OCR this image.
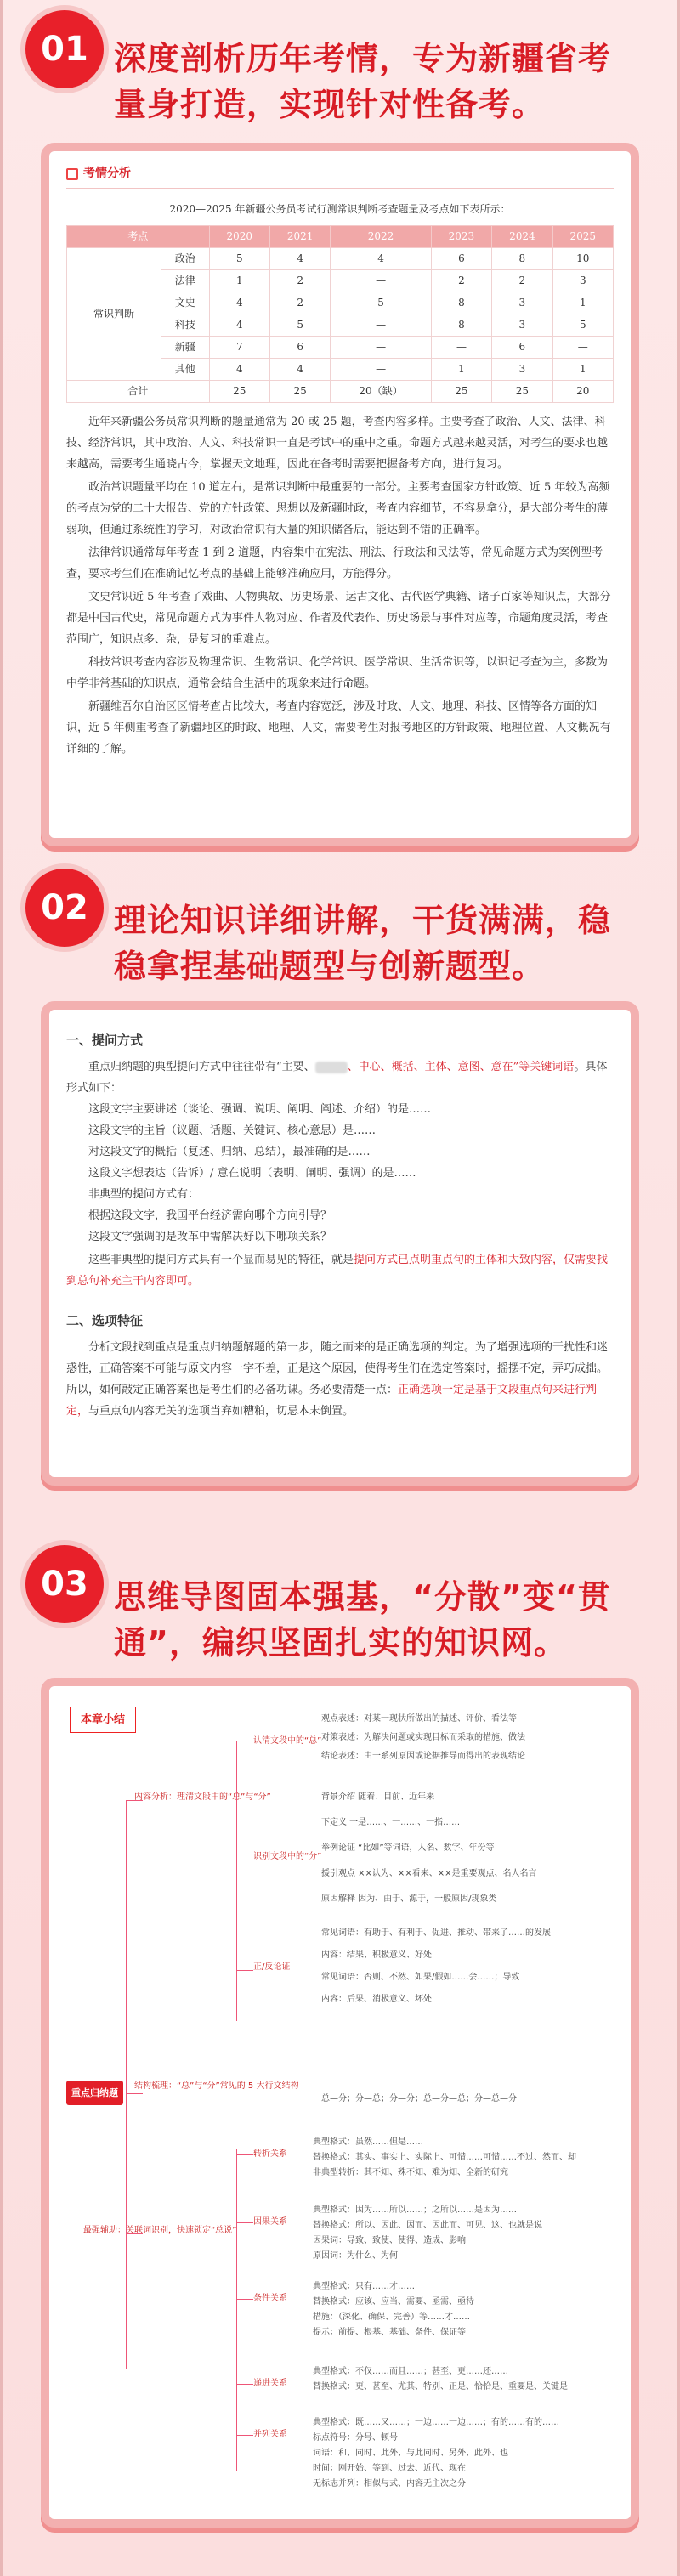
01 深度剖析历年考情，专为新疆省考
量身打造，实现针对性备考。
考情分析
2020—2025 年新疆公务员考试行测常识判断考查题量及考点如下表所示：
考点		2020	2021	2022	2023	2024	2025
常识判断	政治	5	4	4	6	8	10
	法律	1	2	—	2	2	3
	文史	4	2	5	8	3	1
	科技	4	5	—	8	3	5
	新疆	7	6	—	—	6	—
	其他	4	4	—	1	3	1
合计		25	25	20（缺）	25	25	20
近年来新疆公务员常识判断的题量通常为 20 或 25 题，考查内容多样。主要考查了政治、人文、法律、科技、经济常识，其中政治、人文、科技常识一直是考试中的重中之重。命题方式越来越灵活，对考生的要求也越来越高，需要考生通晓古今，掌握天文地理，因此在备考时需要把握备考方向，进行复习。
政治常识题量平均在 10 道左右，是常识判断中最重要的一部分。主要考查国家方针政策、近 5 年较为高频的考点为党的二十大报告、党的方针政策、思想以及新疆时政，考查内容细节，不容易拿分，是大部分考生的薄弱项，但通过系统性的学习，对政治常识有大量的知识储备后，能达到不错的正确率。
法律常识通常每年考查 1 到 2 道题，内容集中在宪法、刑法、行政法和民法等，常见命题方式为案例型考查，要求考生们在准确记忆考点的基础上能够准确应用，方能得分。
文史常识近 5 年考查了戏曲、人物典故、历史场景、运古文化、古代医学典籍、诸子百家等知识点，大部分都是中国古代史，常见命题方式为事件人物对应、作者及代表作、历史场景与事件对应等，命题角度灵活，考查范围广，知识点多、杂，是复习的重难点。
科技常识考查内容涉及物理常识、生物常识、化学常识、医学常识、生活常识等，以识记考查为主，多数为中学非常基础的知识点，通常会结合生活中的现象来进行命题。
新疆维吾尔自治区区情考查占比较大，考查内容宽泛，涉及时政、人文、地理、科技、区情等各方面的知识，近 5 年侧重考查了新疆地区的时政、地理、人文，需要考生对报考地区的方针政策、地理位置、人文概况有详细的了解。
02 理论知识详细讲解，干货满满，稳
稳拿捏基础题型与创新题型。
一、提问方式
重点归纳题的典型提问方式中往往带有“主要、	、中心、概括、主体、意图、意在”等关键词语。具体形式如下：
这段文字主要讲述（谈论、强调、说明、阐明、阐述、介绍）的是……
这段文字的主旨（议题、话题、关键词、核心意思）是……
对这段文字的概括（复述、归纳、总结），最准确的是……
这段文字想表达（告诉）/ 意在说明（表明、阐明、强调）的是……
非典型的提问方式有：
根据这段文字，我国平台经济需向哪个方向引导？
这段文字强调的是改革中需解决好以下哪项关系？
这些非典型的提问方式具有一个显而易见的特征，就是提问方式已点明重点句的主体和大致内容，仅需要找到总句补充主干内容即可。
二、选项特征
分析文段找到重点是重点归纳题解题的第一步，随之而来的是正确选项的判定。为了增强选项的干扰性和迷惑性，正确答案不可能与原文内容一字不差，正是这个原因，使得考生们在选定答案时，摇摆不定，弄巧成拙。所以，如何敲定正确答案也是考生们的必备功课。务必要清楚一点：正确选项一定是基于文段重点句来进行判定，与重点句内容无关的选项当弃如糟粕，切忌本末倒置。
03 思维导图固本强基，“分散”变“贯
通”，编织坚固扎实的知识网。
本章小结
重点归纳题
内容分析：理清文段中的“总”与“分”
认清文段中的“总”
观点表述：对某一现状所做出的描述、评价、看法等
对策表述：为解决问题或实现目标而采取的措施、做法
结论表述：由一系列原因或论据推导而得出的表现结论
识别文段中的“分”
背景介绍 随着、目前、近年来
下定义 一是……、一……、一指……
举例论证 “比如”等词语，人名、数字、年份等
援引观点 ××认为、××看来、××是重要观点、名人名言
原因解释 因为、由于、源于，一般原因/现象类
正/反论证
常见词语：有助于、有利于、促进、推动、带来了……的发展
内容：结果、积极意义、好处
常见词语：否则、不然、如果/假如……会……；导致
内容：后果、消极意义、坏处
结构梳理：“总”与“分”常见的 5 大行文结构
总—分；分—总；分—分；总—分—总；分—总—分
最强辅助：关联词识别，快速锁定“总说”
转折关系
典型格式：虽然……但是……
替换格式：其实、事实上、实际上、可惜……可惜……不过、然而、却
非典型转折：其不知、殊不知、难为知、全新的研究
因果关系
典型格式：因为……所以……；之所以……是因为……
替换格式：所以、因此、因而、因此而、可见、这、也就是说
因果词：导致、致使、使得、造成、影响
原因词：为什么、为何
条件关系
典型格式：只有……才……
替换格式：应该、应当、需要、亟需、亟待
措施：（深化、确保、完善）等……才……
提示：前提、根基、基础、条件、保证等
递进关系
典型格式：不仅……而且……；甚至、更……还……
替换格式：更、甚至、尤其、特别、正是、恰恰是、重要是、关键是
并列关系
典型格式：既……又……；一边……一边……；有的……有的……
标点符号：分号、顿号
词语：和、同时、此外、与此同时、另外、此外、也
时间：刚开始、等到、过去、近代、现在
无标志并列：相似与式、内容无主次之分
